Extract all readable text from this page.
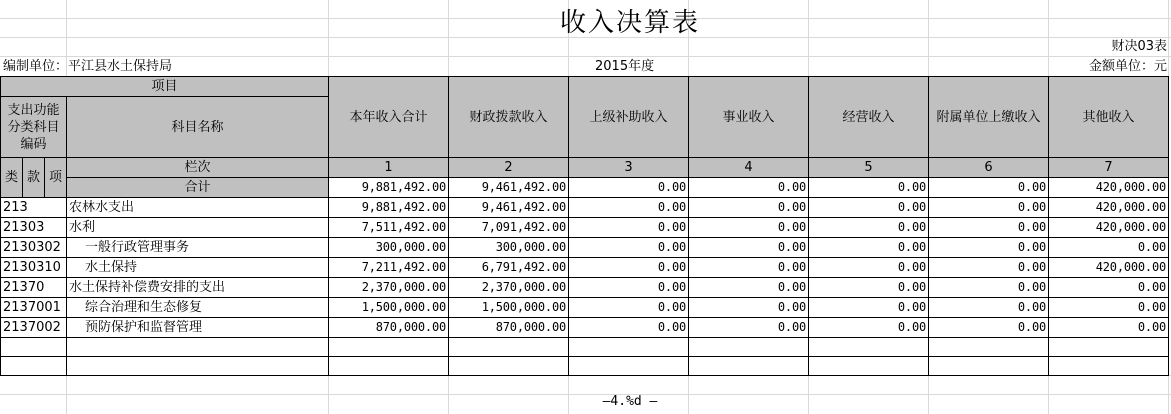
收入决算表
财决03表
编制单位：平江县水土保持局	2015年度	金额单位：元
项目				本年收入合计	财政拨款收入	上级补助收入	事业收入	经营收入	附属单位上缴收入	其他收入
支出功能分类科目编码			科目名称							

类	款	项	栏次	1	2	3	4	5	6	7
			合计	9,881,492.00	9,461,492.00	0.00	0.00	0.00	0.00	420,000.00
213			农林水支出	9,881,492.00	9,461,492.00	0.00	0.00	0.00	0.00	420,000.00
21303			水利	7,511,492.00	7,091,492.00	0.00	0.00	0.00	0.00	420,000.00
2130302			一般行政管理事务	300,000.00	300,000.00	0.00	0.00	0.00	0.00	0.00
2130310			水土保持	7,211,492.00	6,791,492.00	0.00	0.00	0.00	0.00	420,000.00
21370			水土保持补偿费安排的支出	2,370,000.00	2,370,000.00	0.00	0.00	0.00	0.00	0.00
2137001			综合治理和生态修复	1,500,000.00	1,500,000.00	0.00	0.00	0.00	0.00	0.00
2137002			预防保护和监督管理	870,000.00	870,000.00	0.00	0.00	0.00	0.00	0.00

—4.%d —
